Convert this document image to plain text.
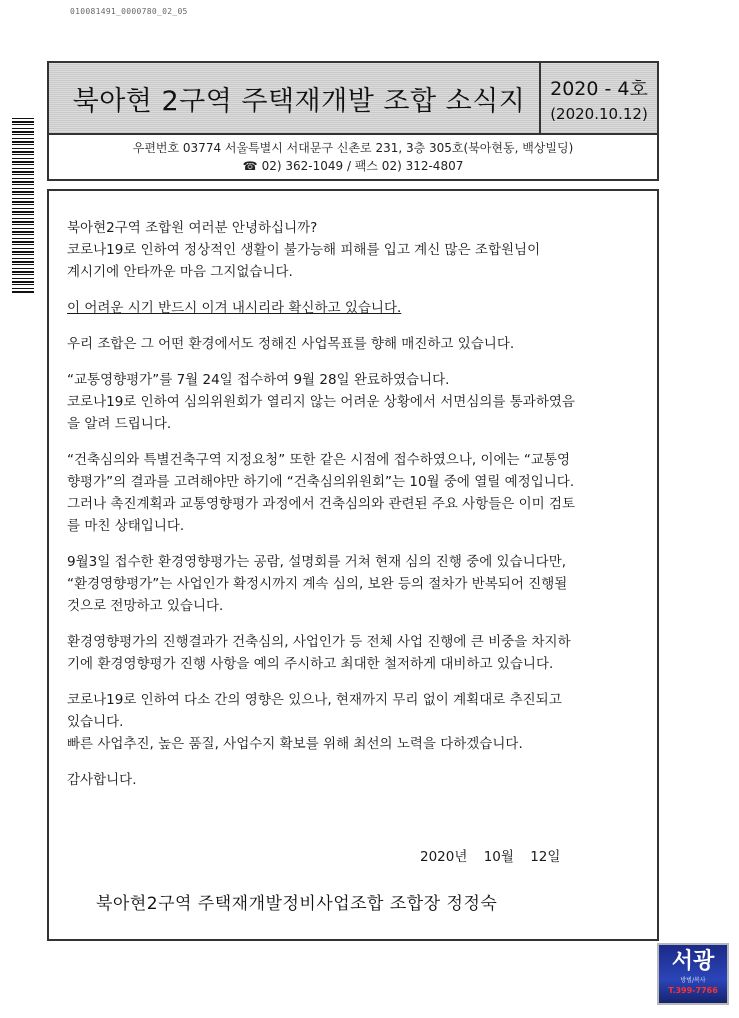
010081491_0000780_02_05
북아현 2구역 주택재개발 조합 소식지 2020 - 4호
(2020.10.12)
우편번호 03774 서울특별시 서대문구 신촌로 231, 3층 305호(북아현동, 백상빌딩)
☎ 02) 362-1049 / 팩스 02) 312-4807

북아현2구역 조합원 여러분 안녕하십니까?
코로나19로 인하여 정상적인 생활이 불가능해 피해를 입고 계신 많은 조합원님이
계시기에 안타까운 마음 그지없습니다.

이 어려운 시기 반드시 이겨 내시리라 확신하고 있습니다.

우리 조합은 그 어떤 환경에서도 정해진 사업목표를 향해 매진하고 있습니다.

“교통영향평가”를 7월 24일 접수하여 9월 28일 완료하였습니다.
코로나19로 인하여 심의위원회가 열리지 않는 어려운 상황에서 서면심의를 통과하였음
을 알려 드립니다.

“건축심의와 특별건축구역 지정요청” 또한 같은 시점에 접수하였으나, 이에는 “교통영
향평가”의 결과를 고려해야만 하기에 “건축심의위원회”는 10월 중에 열릴 예정입니다.
그러나 촉진계획과 교통영향평가 과정에서 건축심의와 관련된 주요 사항들은 이미 검토
를 마친 상태입니다.

9월3일 접수한 환경영향평가는 공람, 설명회를 거쳐 현재 심의 진행 중에 있습니다만,
“환경영향평가”는 사업인가 확정시까지 계속 심의, 보완 등의 절차가 반복되어 진행될
것으로 전망하고 있습니다.

환경영향평가의 진행결과가 건축심의, 사업인가 등 전체 사업 진행에 큰 비중을 차지하
기에 환경영향평가 진행 사항을 예의 주시하고 최대한 철저하게 대비하고 있습니다.

코로나19로 인하여 다소 간의 영향은 있으나, 현재까지 무리 없이 계획대로 추진되고
있습니다.
빠른 사업추진, 높은 품질, 사업수지 확보를 위해 최선의 노력을 다하겠습니다.

감사합니다.

2020년 10월 12일
북아현2구역 주택재개발정비사업조합 조합장 정정숙
서광
방범/복사
T.399-7766
